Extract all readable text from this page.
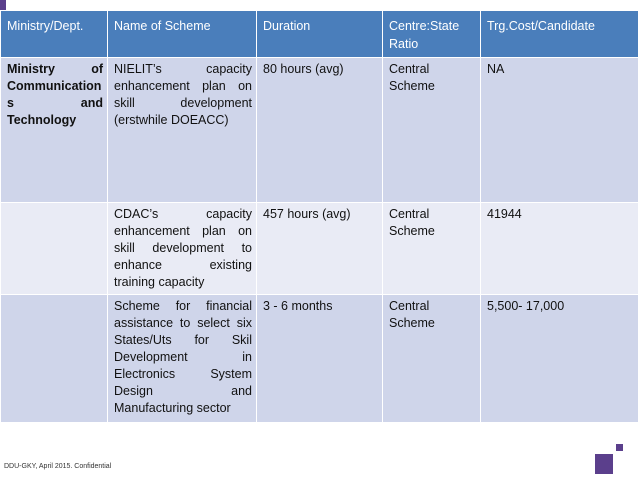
Ministry/Dept.	Name of Scheme	Duration	Centre:State Ratio	Trg.Cost/Candidate
Ministry of Communication s and Technology	NIELIT’s capacity enhancement plan on skill development (erstwhile DOEACC)	80 hours (avg)	Central Scheme	NA
	CDAC’s capacity enhancement plan on skill development to enhance existing training capacity	457 hours (avg)	Central Scheme	41944
	Scheme for financial assistance to select six States/Uts for Skil Development in Electronics System Design and Manufacturing sector	3 - 6 months	Central Scheme	5,500- 17,000
DDU-GKY, April 2015. Confidential
